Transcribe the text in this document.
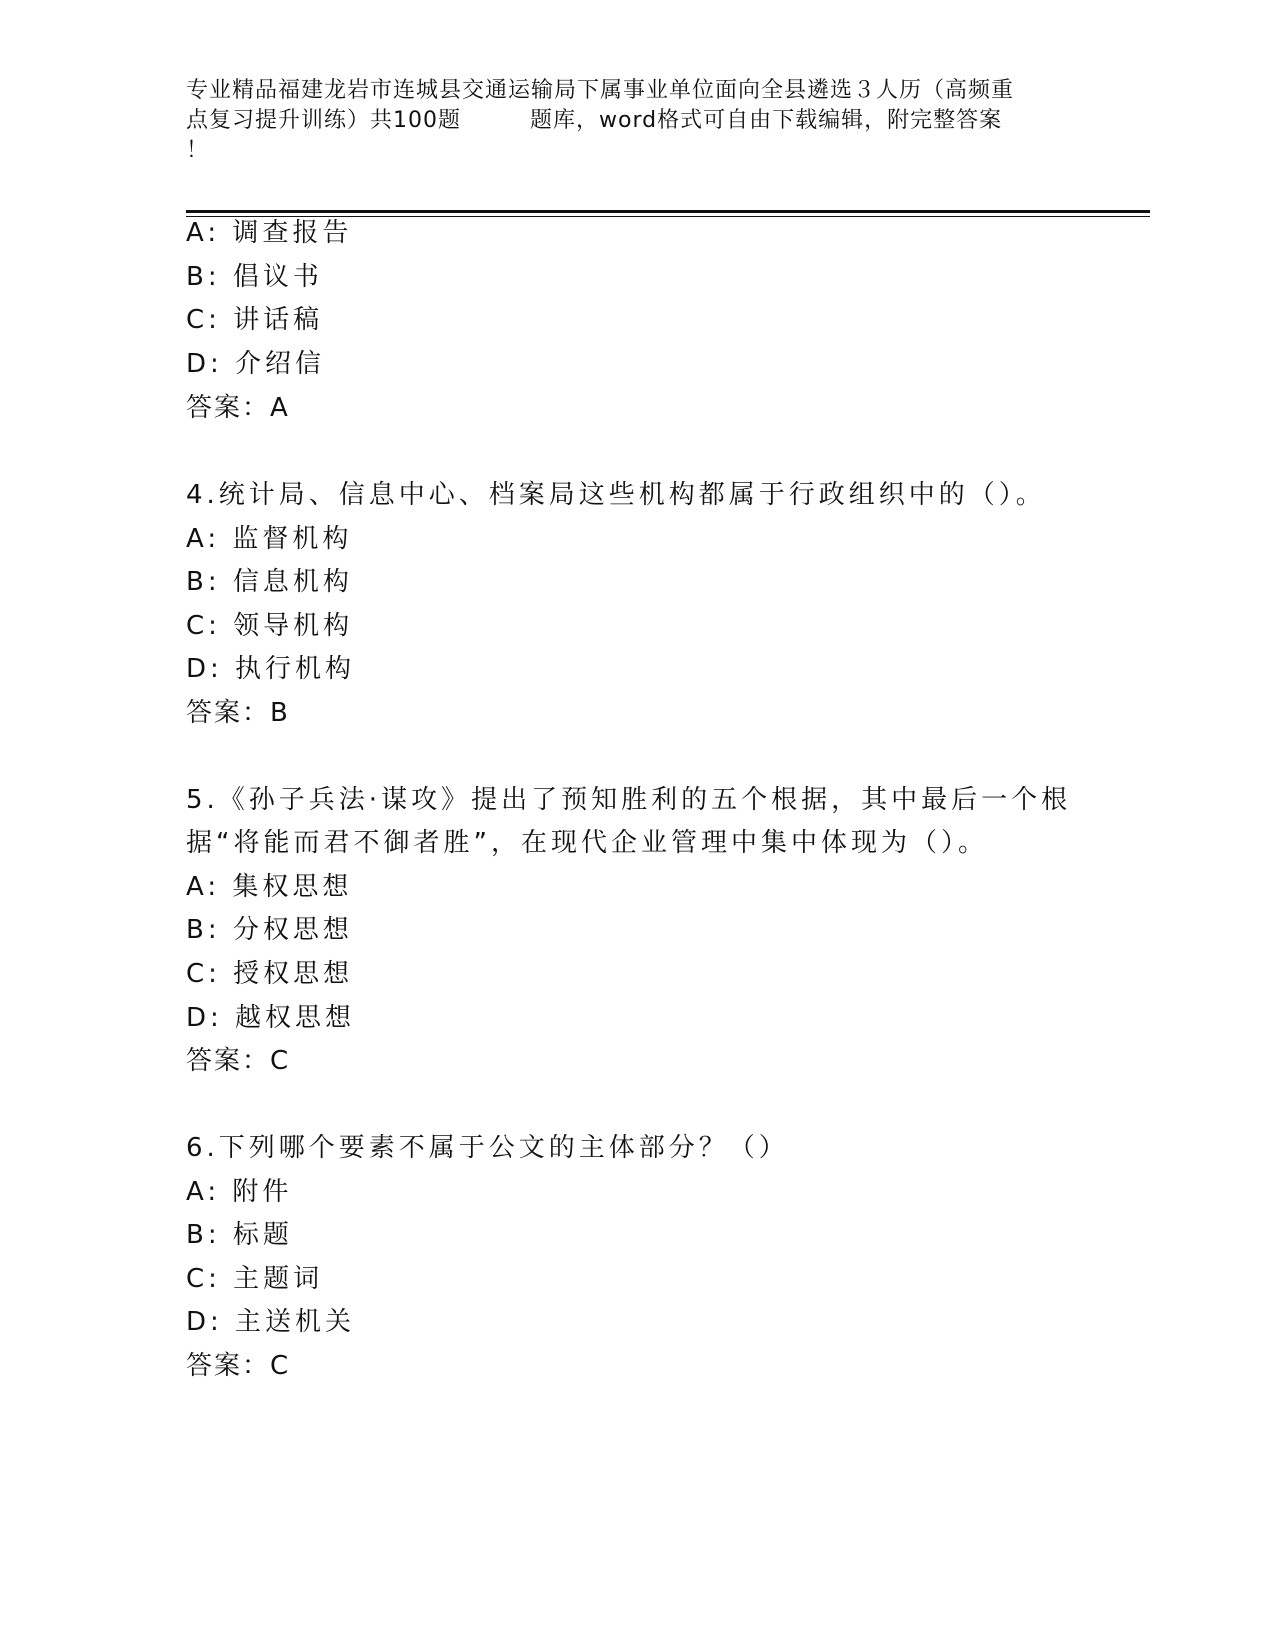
专业精品福建龙岩市连城县交通运输局下属事业单位面向全县遴选３人历（高频重
点复习提升训练）共100题　　　题库，word格式可自由下载编辑，附完整答案
！
A: 调查报告
B: 倡议书
C: 讲话稿
D: 介绍信
答案：A
4.统计局、信息中心、档案局这些机构都属于行政组织中的（）。
A: 监督机构
B: 信息机构
C: 领导机构
D: 执行机构
答案：B
5.《孙子兵法·谋攻》提出了预知胜利的五个根据，其中最后一个根
据“将能而君不御者胜”，在现代企业管理中集中体现为（）。
A: 集权思想
B: 分权思想
C: 授权思想
D: 越权思想
答案：C
6.下列哪个要素不属于公文的主体部分？（）
A: 附件
B: 标题
C: 主题词
D: 主送机关
答案：C
